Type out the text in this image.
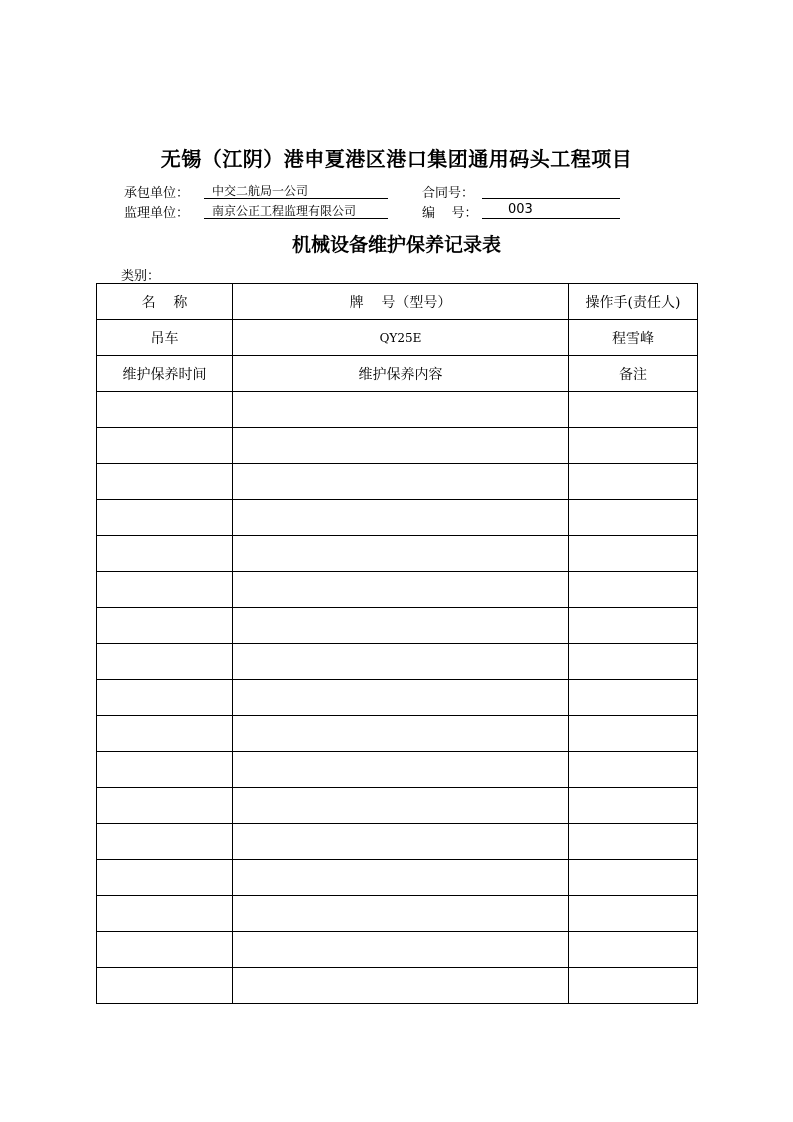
无锡（江阴）港申夏港区港口集团通用码头工程项目
承包单位：	中交二航局一公司	合同号：
监理单位：	南京公正工程监理有限公司	编    号：	003
机械设备维护保养记录表
类别：
名    称	牌    号（型号）	操作手(责任人)
吊车	QY25E	程雪峰
维护保养时间	维护保养内容	备注
